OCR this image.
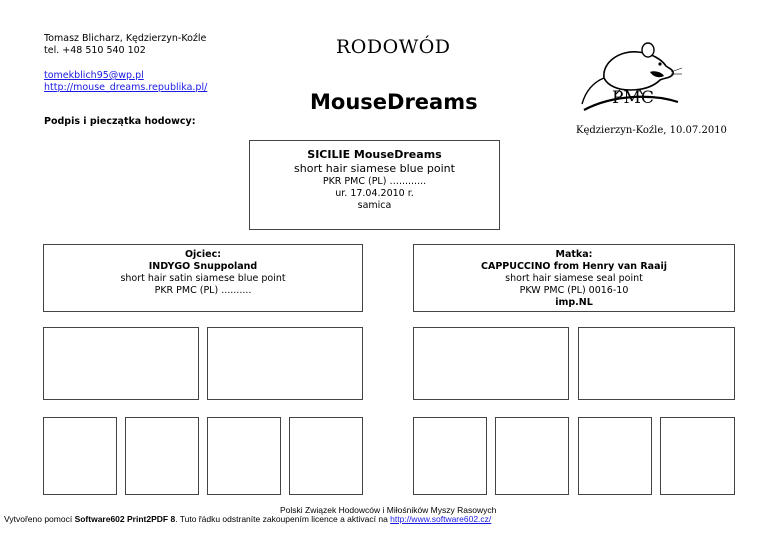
Tomasz Blicharz, Kędzierzyn-Koźle
tel. +48 510 540 102
tomekblich95@wp.pl
http://mouse_dreams.republika.pl/
Podpis i pieczątka hodowcy:
RODOWÓD
MouseDreams	PMC
Kędzierzyn-Koźle, 10.07.2010
SICILIE MouseDreams
short hair siamese blue point
PKR PMC (PL) ….........
ur. 17.04.2010 r.
samica
Ojciec:
INDYGO Snuppoland
short hair satin siamese blue point
PKR PMC (PL) ..........
Matka:
CAPPUCCINO from Henry van Raaij
short hair siamese seal point
PKW PMC (PL) 0016-10
imp.NL
Polski Związek Hodowców i Miłośników Myszy Rasowych
Vytvořeno pomocí Software602 Print2PDF 8. Tuto řádku odstraníte zakoupením licence a aktivací na http://www.software602.cz/
